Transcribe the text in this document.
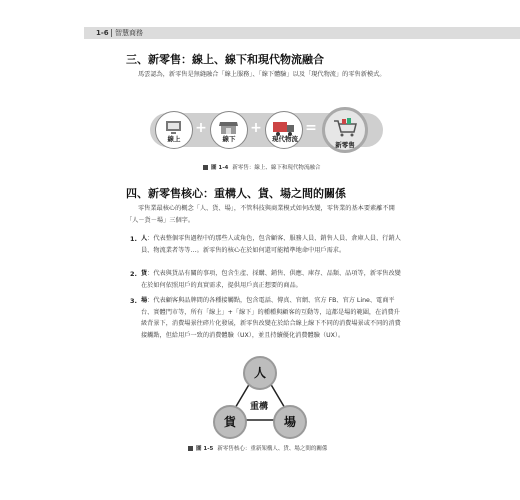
1-6 智慧商務
三、新零售：線上、線下和現代物流融合
馬雲認為，新零售是無縫融合「線上服務」、「線下體驗」以及「現代物流」的零售新模式。
線上
+
線下
+
現代物流
=
新零售
圖 1-4 新零售：線上、線下和現代物流融合
四、新零售核心：重構人、貨、場之間的關係
零售業最核心的概念「人、貨、場」，不管科技與商業模式如何改變，零售業的基本要素離不開「人－貨－場」三個字。
1. 人：代表整個零售過程中的那些人或角色，包含顧客、服務人員、銷售人員、倉庫人員、行銷人員、物流業者等等…。新零售的核心在於如何還可能精準地命中用戶需求。
2. 貨：代表與貨品有關的事項，包含生產、採購、銷售、供應、庫存、品類、品項等，新零售改變在於如何依照用戶的真實需求，提供用戶真正想要的商品。
3. 場：代表顧客與品牌間的各種接觸點，包含電話、傳真、官網、官方 FB、官方 Line、電商平台、實體門市等，所有「線上」+「線下」的種種與顧客的互動等，這都是場的範圍，在消費升級背景下，消費場景往碎片化發展，新零售改變在於給合線上線下不同的消費場景或不同的消費接觸點，但給用戶一致的消費體驗（UX），並且持續優化消費體驗（UX）。
人
貨	場
重構
圖 1-5 新零售核心：重新架構人、貨、場之間的關係
